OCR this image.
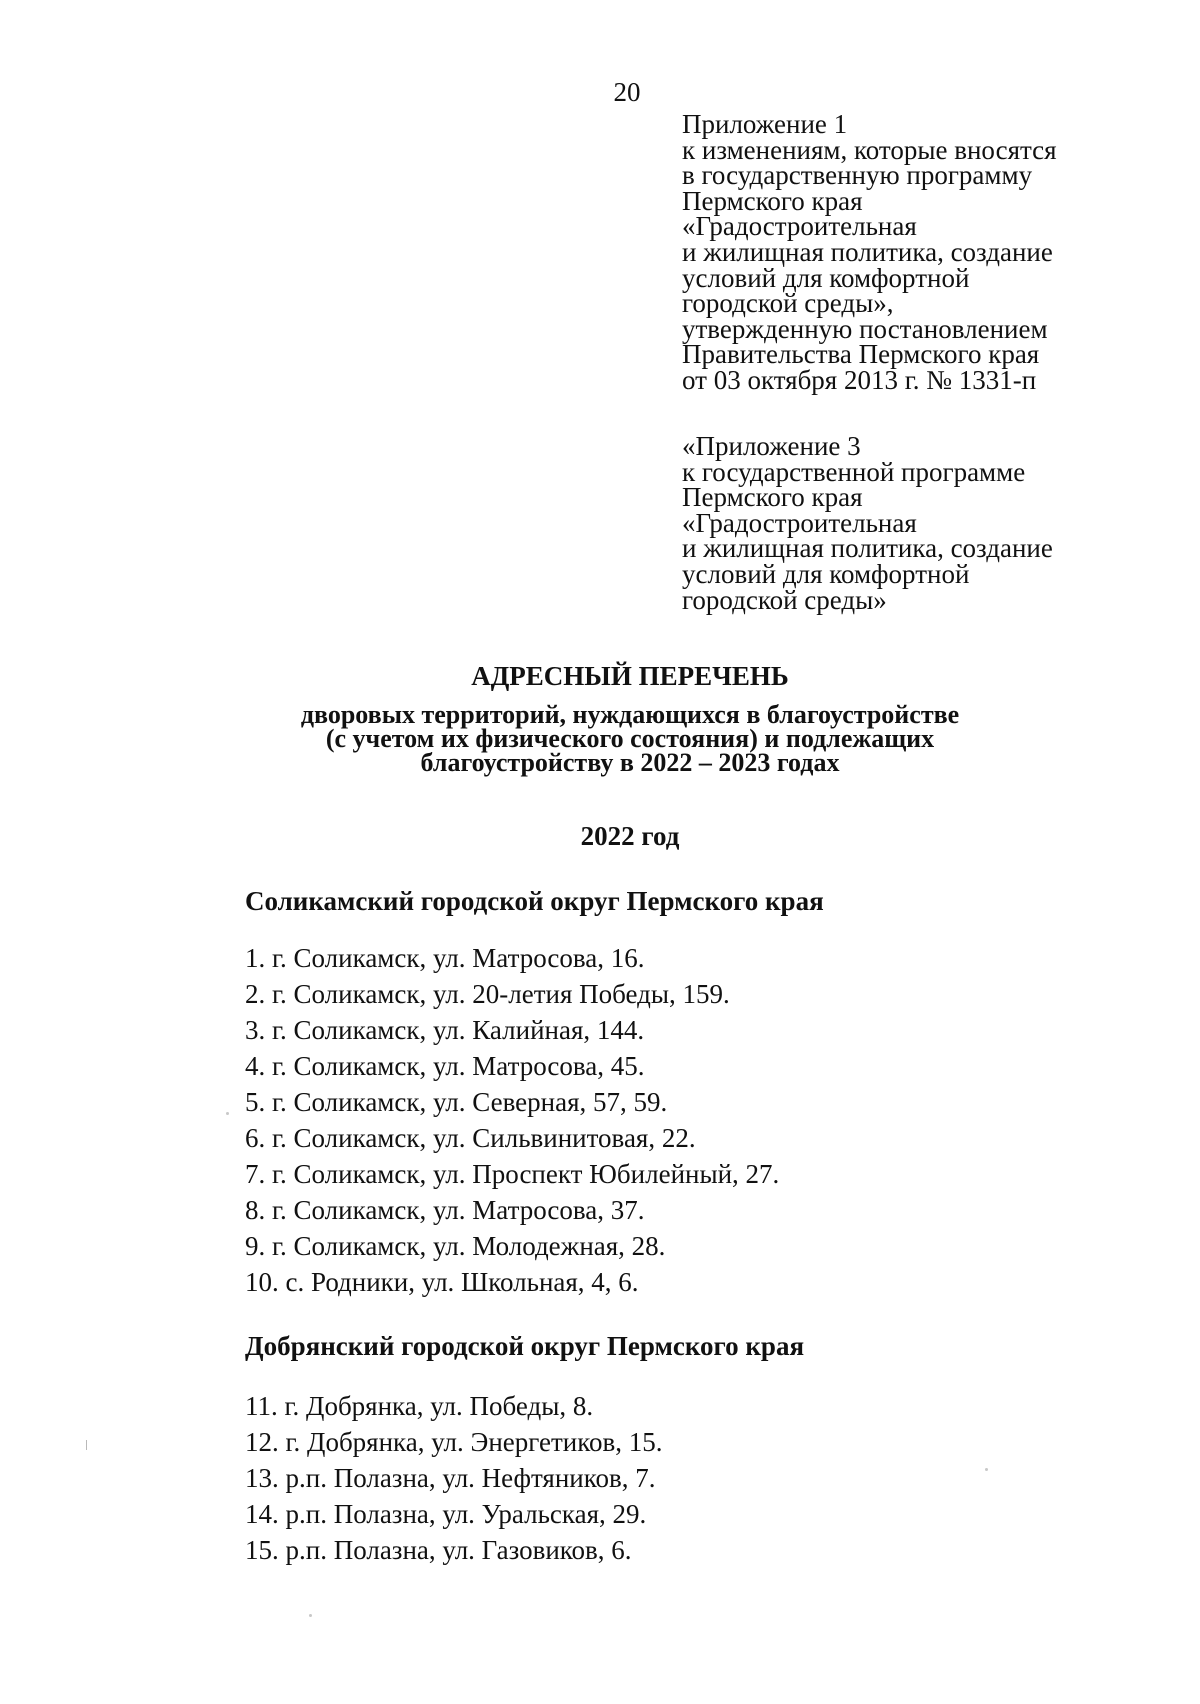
20
Приложение 1
к изменениям, которые вносятся
в государственную программу
Пермского края
«Градостроительная
и жилищная политика, создание
условий для комфортной
городской среды»,
утвержденную постановлением
Правительства Пермского края
от 03 октября 2013 г. № 1331-п
«Приложение 3
к государственной программе
Пермского края
«Градостроительная
и жилищная политика, создание
условий для комфортной
городской среды»
АДРЕСНЫЙ ПЕРЕЧЕНЬ
дворовых территорий, нуждающихся в благоустройстве
(с учетом их физического состояния) и подлежащих
благоустройству в 2022 – 2023 годах
2022 год
Соликамский городской округ Пермского края
1. г. Соликамск, ул. Матросова, 16.
2. г. Соликамск, ул. 20-летия Победы, 159.
3. г. Соликамск, ул. Калийная, 144.
4. г. Соликамск, ул. Матросова, 45.
5. г. Соликамск, ул. Северная, 57, 59.
6. г. Соликамск, ул. Сильвинитовая, 22.
7. г. Соликамск, ул. Проспект Юбилейный, 27.
8. г. Соликамск, ул. Матросова, 37.
9. г. Соликамск, ул. Молодежная, 28.
10. с. Родники, ул. Школьная, 4, 6.
Добрянский городской округ Пермского края
11. г. Добрянка, ул. Победы, 8.
12. г. Добрянка, ул. Энергетиков, 15.
13. р.п. Полазна, ул. Нефтяников, 7.
14. р.п. Полазна, ул. Уральская, 29.
15. р.п. Полазна, ул. Газовиков, 6.
